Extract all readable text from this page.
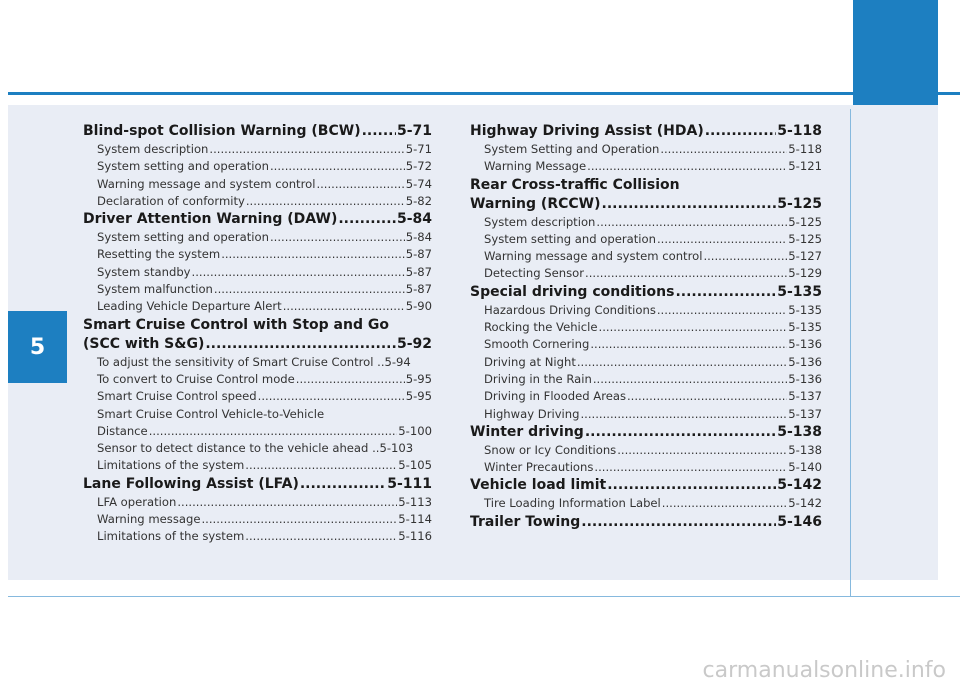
5
Blind-spot Collision Warning (BCW) .....	5-71
System description .....	5-71
System setting and operation .....	5-72
Warning message and system control .....	5-74
Declaration of conformity .....	5-82
Driver Attention Warning (DAW) .....	5-84
System setting and operation .....	5-84
Resetting the system .....	5-87
System standby .....	5-87
System malfunction .....	5-87
Leading Vehicle Departure Alert .....	5-90
Smart Cruise Control with Stop and Go
(SCC with S&G) .....	5-92
To adjust the sensitivity of Smart Cruise Control .. 5-94
To convert to Cruise Control mode .....	5-95
Smart Cruise Control speed .....	5-95
Smart Cruise Control Vehicle-to-Vehicle
Distance .....	5-100
Sensor to detect distance to the vehicle ahead .. 5-103
Limitations of the system .....	5-105
Lane Following Assist (LFA) .....	5-111
LFA operation .....	5-113
Warning message .....	5-114
Limitations of the system .....	5-116
Highway Driving Assist (HDA) .....	5-118
System Setting and Operation .....	5-118
Warning Message .....	5-121
Rear Cross-traffic Collision
Warning (RCCW) .....	5-125
System description .....	5-125
System setting and operation .....	5-125
Warning message and system control .....	5-127
Detecting Sensor .....	5-129
Special driving conditions .....	5-135
Hazardous Driving Conditions .....	5-135
Rocking the Vehicle .....	5-135
Smooth Cornering .....	5-136
Driving at Night .....	5-136
Driving in the Rain .....	5-136
Driving in Flooded Areas .....	5-137
Highway Driving .....	5-137
Winter driving .....	5-138
Snow or Icy Conditions .....	5-138
Winter Precautions .....	5-140
Vehicle load limit .....	5-142
Tire Loading Information Label .....	5-142
Trailer Towing .....	5-146
carmanualsonline.info
